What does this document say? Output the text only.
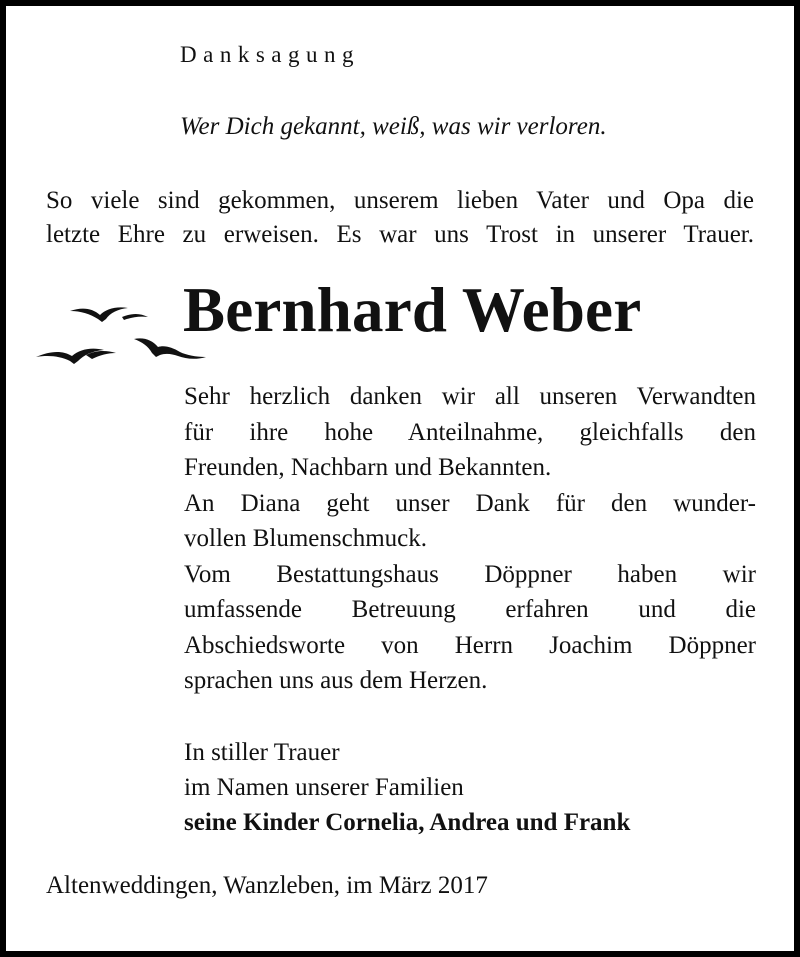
Danksagung
Wer Dich gekannt, weiß, was wir verloren.
So viele sind gekommen, unserem lieben Vater und Opa die
letzte Ehre zu erweisen. Es war uns Trost in unserer Trauer.
Bernhard Weber
Sehr herzlich danken wir all unseren Verwandten
für ihre hohe Anteilnahme, gleichfalls den
Freunden, Nachbarn und Bekannten.
An Diana geht unser Dank für den wunder-
vollen Blumenschmuck.
Vom Bestattungshaus Döppner haben wir
umfassende Betreuung erfahren und die
Abschiedsworte von Herrn Joachim Döppner
sprachen uns aus dem Herzen.
In stiller Trauer
im Namen unserer Familien
seine Kinder Cornelia, Andrea und Frank
Altenweddingen, Wanzleben, im März 2017
